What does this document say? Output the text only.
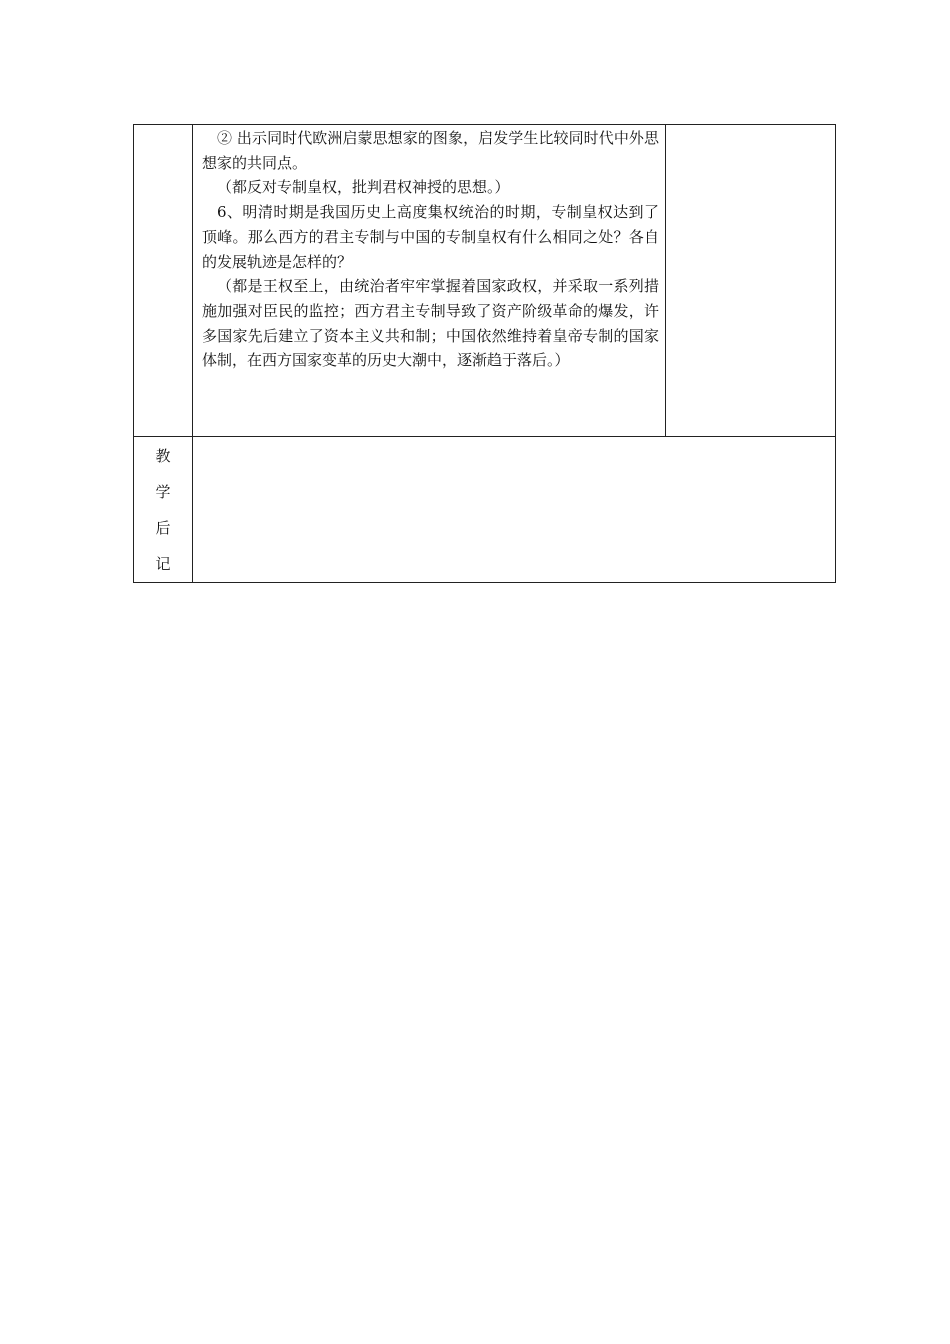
	② 出示同时代欧洲启蒙思想家的图象，启发学生比较同时代中外思想家的共同点。

（都反对专制皇权，批判君权神授的思想。）

6、明清时期是我国历史上高度集权统治的时期，专制皇权达到了顶峰。那么西方的君主专制与中国的专制皇权有什么相同之处？各自的发展轨迹是怎样的？

（都是王权至上，由统治者牢牢掌握着国家政权，并采取一系列措施加强对臣民的监控；西方君主专制导致了资产阶级革命的爆发，许多国家先后建立了资本主义共和制；中国依然维持着皇帝专制的国家体制，在西方国家变革的历史大潮中，逐渐趋于落后。）	

教
学
后
记		
